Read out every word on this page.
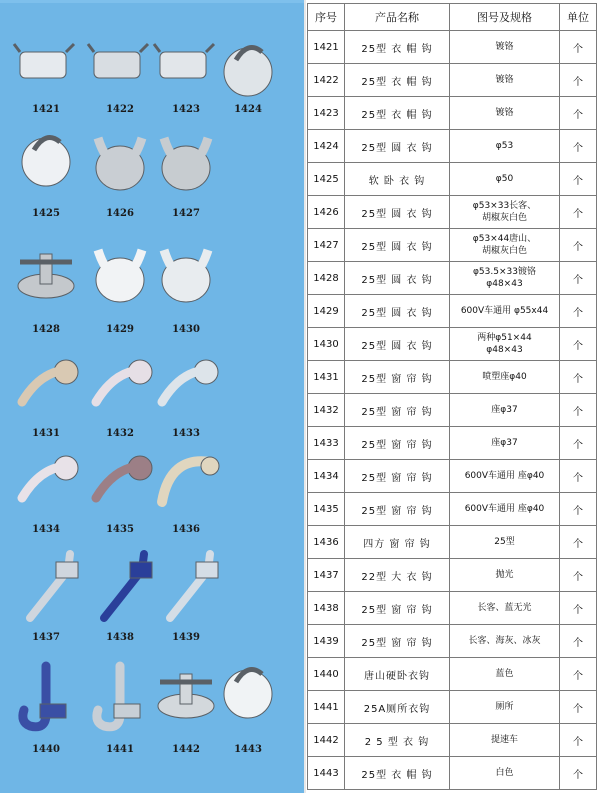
1421	1422	1423	1424
1425	1426	1427
1428	1429	1430
1431	1432	1433
1434	1435	1436
1437	1438	1439
1440	1441	1442	1443
序号	产品名称	图号及规格	单位
1421	25型 衣 帽 钩	镀铬	个
1422	25型 衣 帽 钩	镀铬	个
1423	25型 衣 帽 钩	镀铬	个
1424	25型 圆 衣 钩	φ53	个
1425	软 卧 衣 钩	φ50	个
1426	25型 圆 衣 钩	φ53×33长客、
胡椒灰白色	个
1427	25型 圆 衣 钩	φ53×44唐山、
胡椒灰白色	个
1428	25型 圆 衣 钩	φ53.5×33镀铬
φ48×43	个
1429	25型 圆 衣 钩	600V车通用 φ55x44	个
1430	25型 圆 衣 钩	两种φ51×44
φ48×43	个
1431	25型 窗 帘 钩	喷塑座φ40	个
1432	25型 窗 帘 钩	座φ37	个
1433	25型 窗 帘 钩	座φ37	个
1434	25型 窗 帘 钩	600V车通用 座φ40	个
1435	25型 窗 帘 钩	600V车通用 座φ40	个
1436	四方 窗 帘 钩	25型	个
1437	22型 大 衣 钩	抛光	个
1438	25型 窗 帘 钩	长客、蓝无光	个
1439	25型 窗 帘 钩	长客、海灰、冰灰	个
1440	唐山硬卧衣钩	蓝色	个
1441	25A厕所衣钩	厕所	个
1442	2 5 型 衣 钩	提速车	个
1443	25型 衣 帽 钩	白色	个
